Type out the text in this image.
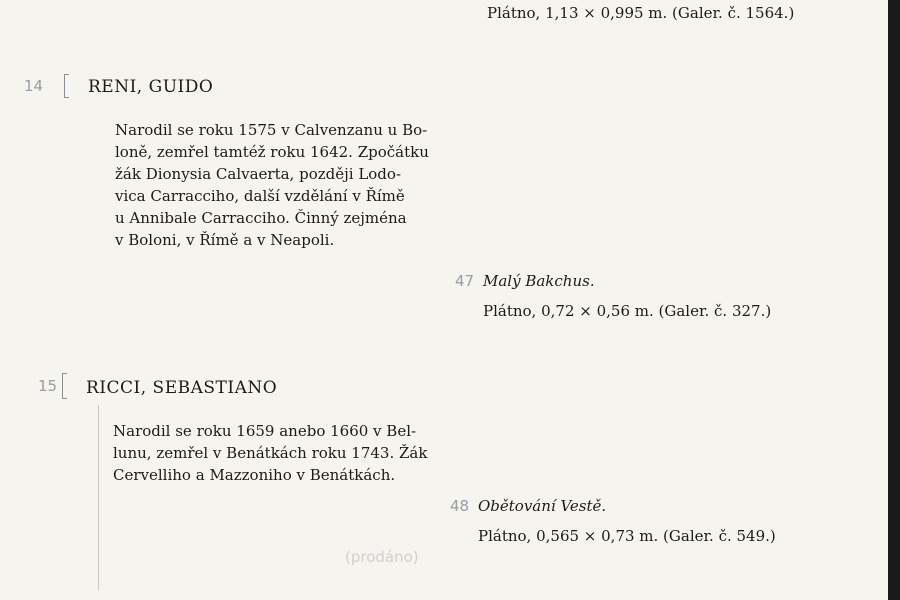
Plátno, 1,13 × 0,995 m. (Galer. č. 1564.)
14	RENI, GUIDO
Narodil se roku 1575 v Calvenzanu u Bo-
loně, zemřel tamtéž roku 1642. Zpočátku
žák Dionysia Calvaerta, později Lodo-
vica Carracciho, další vzdělání v Římě
u Annibale Carracciho. Činný zejména
v Boloni, v Římě a v Neapoli.
47 Malý Bakchus.
Plátno, 0,72 × 0,56 m. (Galer. č. 327.)
15 RICCI, SEBASTIANO
Narodil se roku 1659 anebo 1660 v Bel-
lunu, zemřel v Benátkách roku 1743. Žák
Cervelliho a Mazzoniho v Benátkách.
48 Obětování Vestě.
Plátno, 0,565 × 0,73 m. (Galer. č. 549.)
(prodáno)
